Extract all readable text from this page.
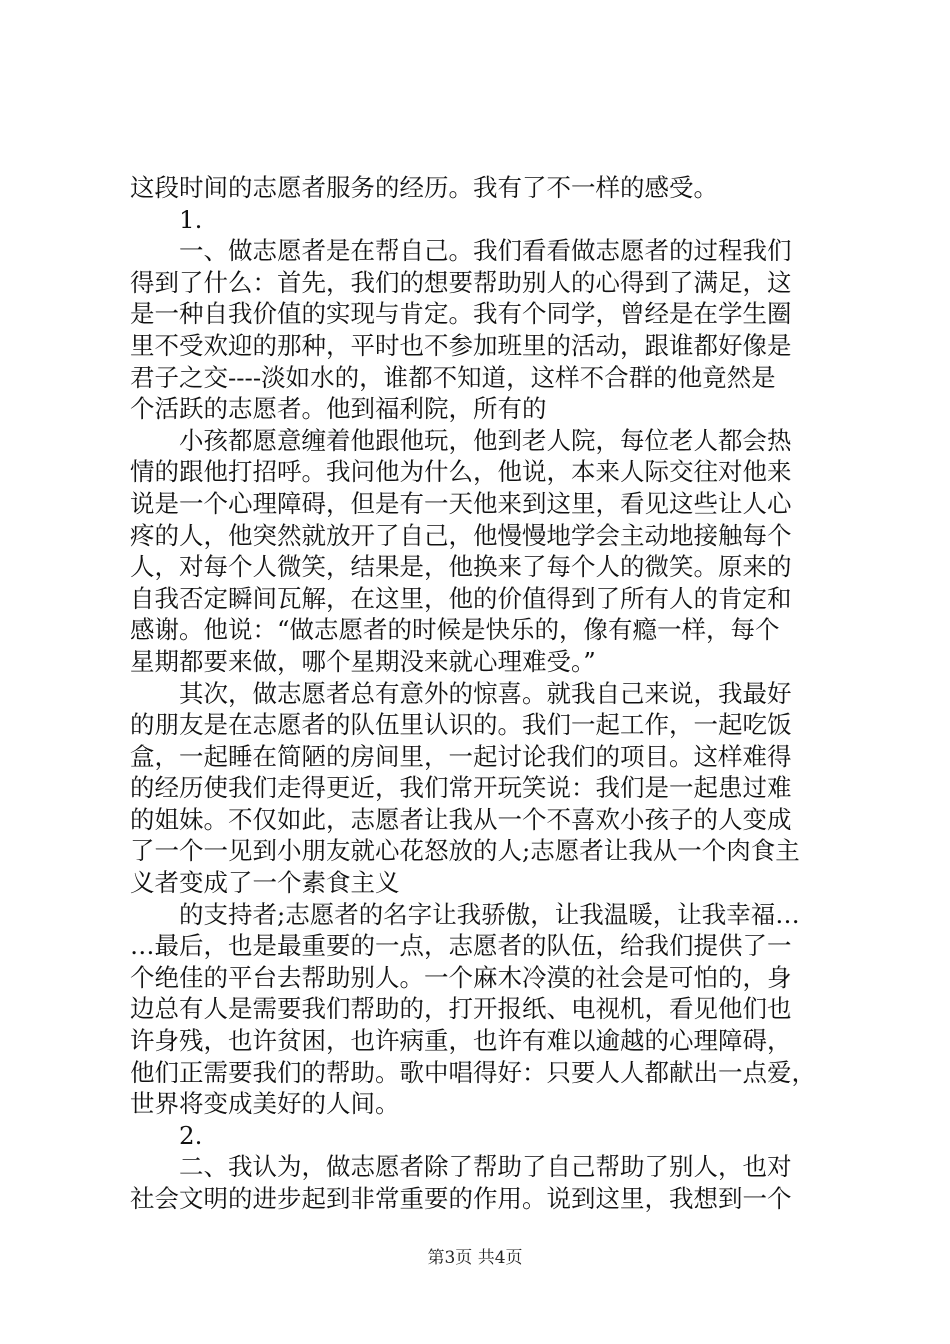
这段时间的志愿者服务的经历。我有了不一样的感受。
1.
一、做志愿者是在帮自己。我们看看做志愿者的过程我们
得到了什么：首先，我们的想要帮助别人的心得到了满足，这
是一种自我价值的实现与肯定。我有个同学，曾经是在学生圈
里不受欢迎的那种，平时也不参加班里的活动，跟谁都好像是
君子之交----淡如水的，谁都不知道，这样不合群的他竟然是
个活跃的志愿者。他到福利院，所有的
小孩都愿意缠着他跟他玩，他到老人院，每位老人都会热
情的跟他打招呼。我问他为什么，他说，本来人际交往对他来
说是一个心理障碍，但是有一天他来到这里，看见这些让人心
疼的人，他突然就放开了自己，他慢慢地学会主动地接触每个
人，对每个人微笑，结果是，他换来了每个人的微笑。原来的
自我否定瞬间瓦解，在这里，他的价值得到了所有人的肯定和
感谢。他说：“做志愿者的时候是快乐的，像有瘾一样，每个
星期都要来做，哪个星期没来就心理难受。”
其次，做志愿者总有意外的惊喜。就我自己来说，我最好
的朋友是在志愿者的队伍里认识的。我们一起工作，一起吃饭
盒，一起睡在简陋的房间里，一起讨论我们的项目。这样难得
的经历使我们走得更近，我们常开玩笑说：我们是一起患过难
的姐妹。不仅如此，志愿者让我从一个不喜欢小孩子的人变成
了一个一见到小朋友就心花怒放的人;志愿者让我从一个肉食主
义者变成了一个素食主义
的支持者;志愿者的名字让我骄傲，让我温暖，让我幸福…
…最后，也是最重要的一点，志愿者的队伍，给我们提供了一
个绝佳的平台去帮助别人。一个麻木冷漠的社会是可怕的，身
边总有人是需要我们帮助的，打开报纸、电视机，看见他们也
许身残，也许贫困，也许病重，也许有难以逾越的心理障碍，
他们正需要我们的帮助。歌中唱得好：只要人人都献出一点爱，
世界将变成美好的人间。
2.
二、我认为，做志愿者除了帮助了自己帮助了别人，也对
社会文明的进步起到非常重要的作用。说到这里，我想到一个
第3页 共4页
